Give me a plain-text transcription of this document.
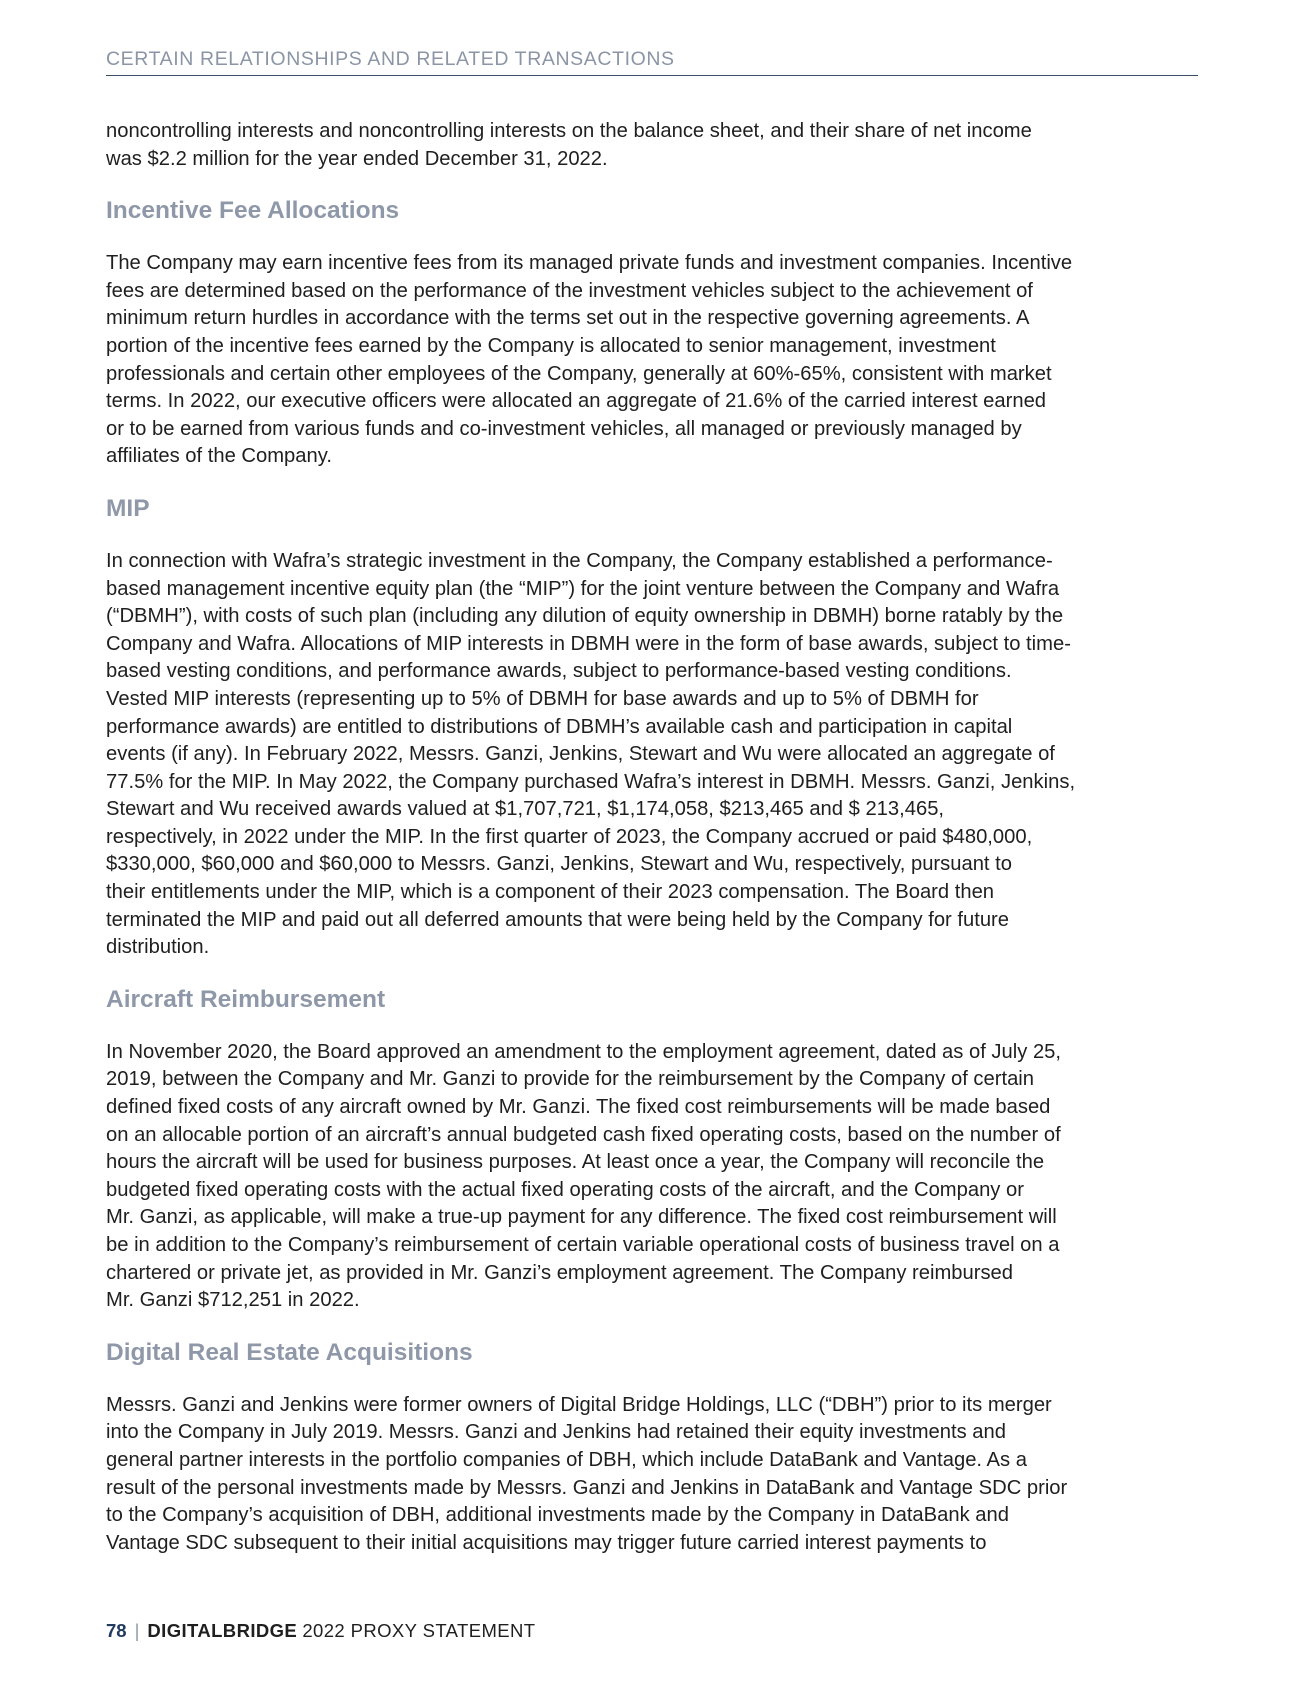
CERTAIN RELATIONSHIPS AND RELATED TRANSACTIONS

noncontrolling interests and noncontrolling interests on the balance sheet, and their share of net income
was $2.2 million for the year ended December 31, 2022.

Incentive Fee Allocations

The Company may earn incentive fees from its managed private funds and investment companies. Incentive
fees are determined based on the performance of the investment vehicles subject to the achievement of
minimum return hurdles in accordance with the terms set out in the respective governing agreements. A
portion of the incentive fees earned by the Company is allocated to senior management, investment
professionals and certain other employees of the Company, generally at 60%-65%, consistent with market
terms. In 2022, our executive officers were allocated an aggregate of 21.6% of the carried interest earned
or to be earned from various funds and co-investment vehicles, all managed or previously managed by
affiliates of the Company.

MIP

In connection with Wafra’s strategic investment in the Company, the Company established a performance-
based management incentive equity plan (the “MIP”) for the joint venture between the Company and Wafra
(“DBMH”), with costs of such plan (including any dilution of equity ownership in DBMH) borne ratably by the
Company and Wafra. Allocations of MIP interests in DBMH were in the form of base awards, subject to time-
based vesting conditions, and performance awards, subject to performance-based vesting conditions.
Vested MIP interests (representing up to 5% of DBMH for base awards and up to 5% of DBMH for
performance awards) are entitled to distributions of DBMH’s available cash and participation in capital
events (if any). In February 2022, Messrs. Ganzi, Jenkins, Stewart and Wu were allocated an aggregate of
77.5% for the MIP. In May 2022, the Company purchased Wafra’s interest in DBMH. Messrs. Ganzi, Jenkins,
Stewart and Wu received awards valued at $1,707,721, $1,174,058, $213,465 and $ 213,465,
respectively, in 2022 under the MIP. In the first quarter of 2023, the Company accrued or paid $480,000,
$330,000, $60,000 and $60,000 to Messrs. Ganzi, Jenkins, Stewart and Wu, respectively, pursuant to
their entitlements under the MIP, which is a component of their 2023 compensation. The Board then
terminated the MIP and paid out all deferred amounts that were being held by the Company for future
distribution.

Aircraft Reimbursement

In November 2020, the Board approved an amendment to the employment agreement, dated as of July 25,
2019, between the Company and Mr. Ganzi to provide for the reimbursement by the Company of certain
defined fixed costs of any aircraft owned by Mr. Ganzi. The fixed cost reimbursements will be made based
on an allocable portion of an aircraft’s annual budgeted cash fixed operating costs, based on the number of
hours the aircraft will be used for business purposes. At least once a year, the Company will reconcile the
budgeted fixed operating costs with the actual fixed operating costs of the aircraft, and the Company or
Mr. Ganzi, as applicable, will make a true-up payment for any difference. The fixed cost reimbursement will
be in addition to the Company’s reimbursement of certain variable operational costs of business travel on a
chartered or private jet, as provided in Mr. Ganzi’s employment agreement. The Company reimbursed
Mr. Ganzi $712,251 in 2022.

Digital Real Estate Acquisitions

Messrs. Ganzi and Jenkins were former owners of Digital Bridge Holdings, LLC (“DBH”) prior to its merger
into the Company in July 2019. Messrs. Ganzi and Jenkins had retained their equity investments and
general partner interests in the portfolio companies of DBH, which include DataBank and Vantage. As a
result of the personal investments made by Messrs. Ganzi and Jenkins in DataBank and Vantage SDC prior
to the Company’s acquisition of DBH, additional investments made by the Company in DataBank and
Vantage SDC subsequent to their initial acquisitions may trigger future carried interest payments to

78 | DIGITALBRIDGE 2022 PROXY STATEMENT
